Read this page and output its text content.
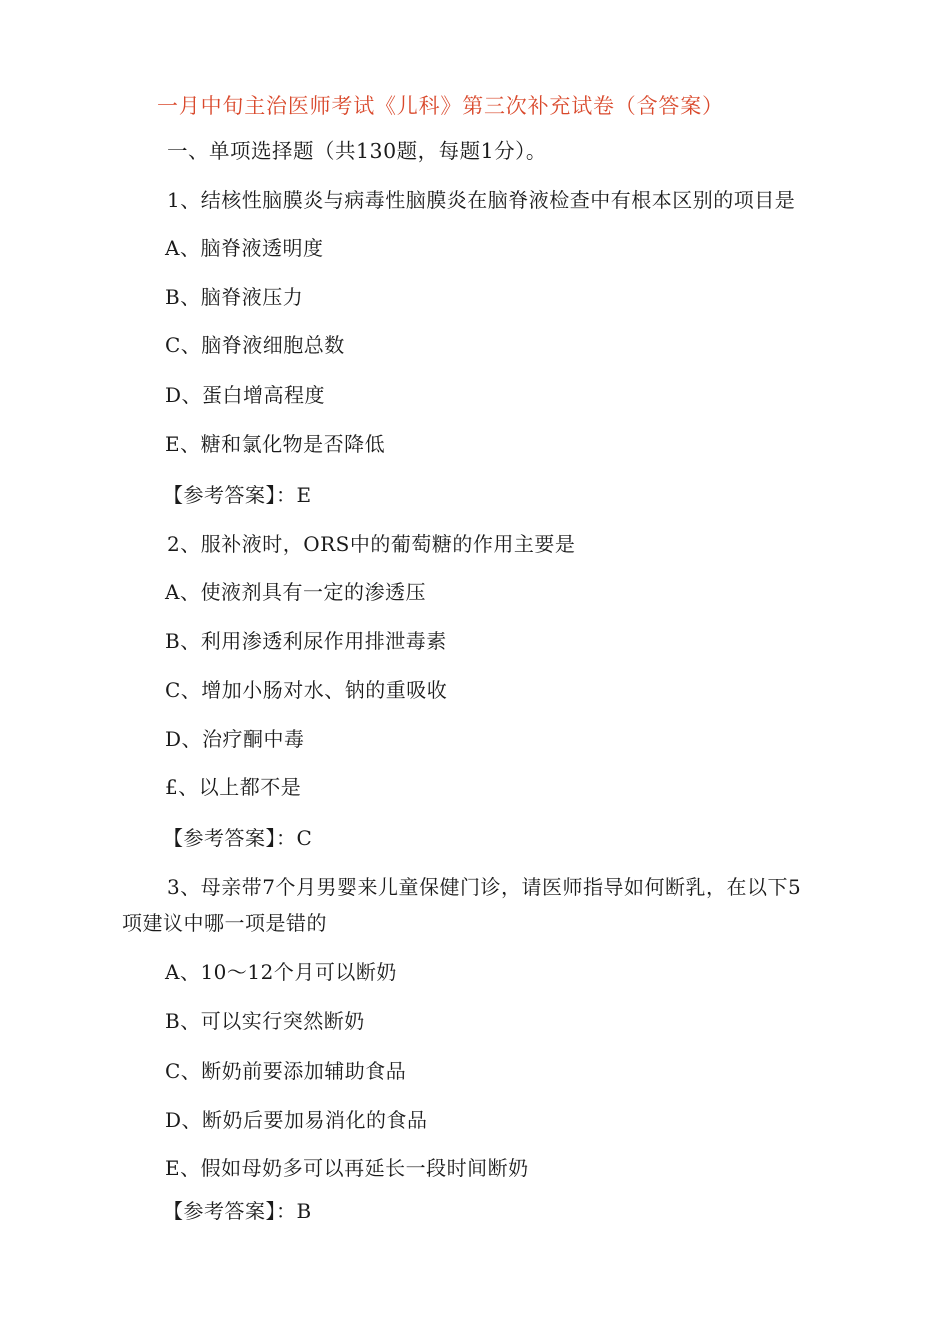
一月中旬主治医师考试《儿科》第三次补充试卷（含答案）
一、单项选择题（共130题，每题1分）。
1、结核性脑膜炎与病毒性脑膜炎在脑脊液检查中有根本区别的项目是
A、脑脊液透明度
B、脑脊液压力
C、脑脊液细胞总数
D、蛋白增高程度
E、糖和氯化物是否降低
【参考答案】：E
2、服补液时，ORS中的葡萄糖的作用主要是
A、使液剂具有一定的渗透压
B、利用渗透利尿作用排泄毒素
C、增加小肠对水、钠的重吸收
D、治疗酮中毒
£、以上都不是
【参考答案】：C
3、母亲带7个月男婴来儿童保健门诊，请医师指导如何断乳，在以下5
项建议中哪一项是错的
A、10〜12个月可以断奶
B、可以实行突然断奶
C、断奶前要添加辅助食品
D、断奶后要加易消化的食品
E、假如母奶多可以再延长一段时间断奶
【参考答案】：B
